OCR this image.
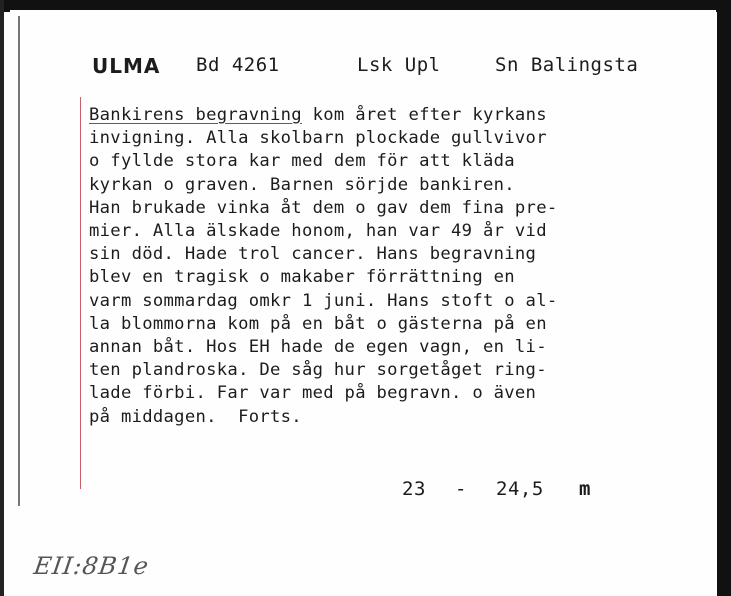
ULMA Bd 4261	Lsk Upl	Sn Balingsta
Bankirens begravning kom året efter kyrkans
invigning. Alla skolbarn plockade gullvivor
o fyllde stora kar med dem för att kläda
kyrkan o graven. Barnen sörjde bankiren.
Han brukade vinka åt dem o gav dem fina pre-
mier. Alla älskade honom, han var 49 år vid
sin död. Hade trol cancer. Hans begravning
blev en tragisk o makaber förrättning en
varm sommardag omkr 1 juni. Hans stoft o al-
la blommorna kom på en båt o gästerna på en
annan båt. Hos EH hade de egen vagn, en li-
ten plandroska. De såg hur sorgetåget ring-
lade förbi. Far var med på begravn. o även
på middagen.  Forts.
23 - 24,5 m
EII:8B1e
